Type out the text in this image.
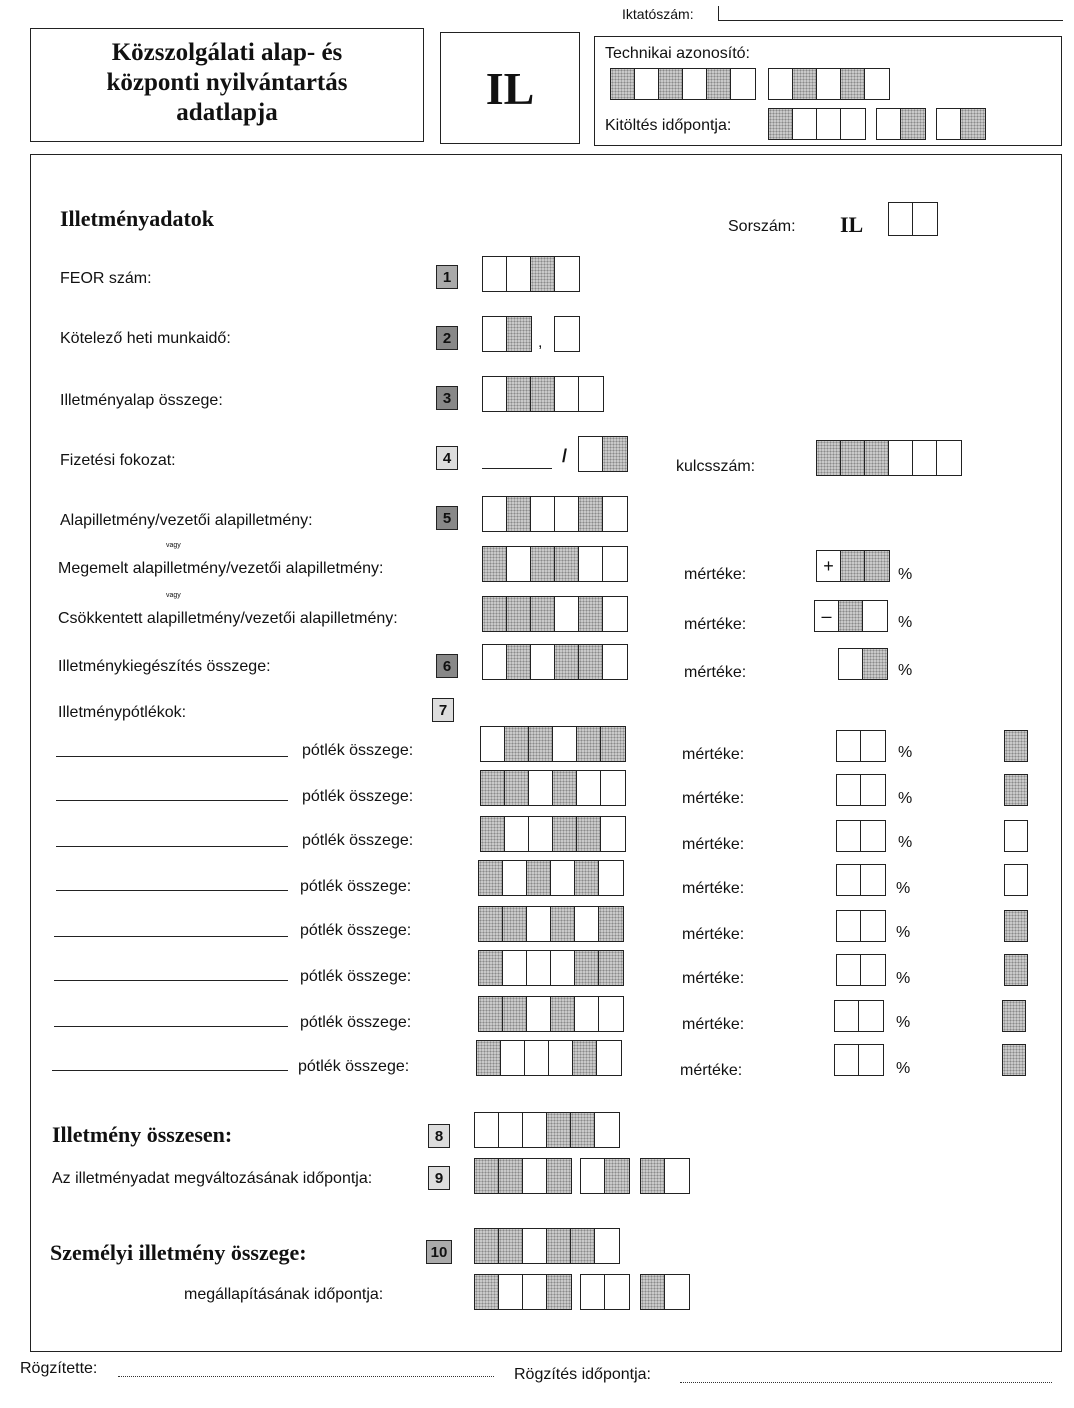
Iktatószám:
Közszolgálati alap- és
központi nyilvántartás
adatlapja	IL
Technikai azonosító:
Kitöltés időpontja:
Illetményadatok	Sorszám: IL
FEOR szám:	1
Kötelező heti munkaidő:	2	,
Illetményalap összege:	3
Fizetési fokozat:	4	/
kulcsszám:
Alapilletmény/vezetői alapilletmény:	5
vagy
Megemelt alapilletmény/vezetői alapilletmény:	mértéke:	+	%
vagy
Csökkentett alapilletmény/vezetői alapilletmény:	mértéke:	–	%
Illetménykiegészítés összege:	6	mértéke:	%
Illetménypótlékok:	7
pótlék összege:	mértéke:	%
pótlék összege:	mértéke:	%
pótlék összege:	mértéke:	%
pótlék összege:	mértéke:	%
pótlék összege:	mértéke:	%
pótlék összege:	mértéke:	%
pótlék összege:	mértéke:	%
pótlék összege:	mértéke:	%
Illetmény összesen:	8
Az illetményadat megváltozásának időpontja:	9
Személyi illetmény összege:	10
megállapításának időpontja:
Rögzítette:	Rögzítés időpontja:
